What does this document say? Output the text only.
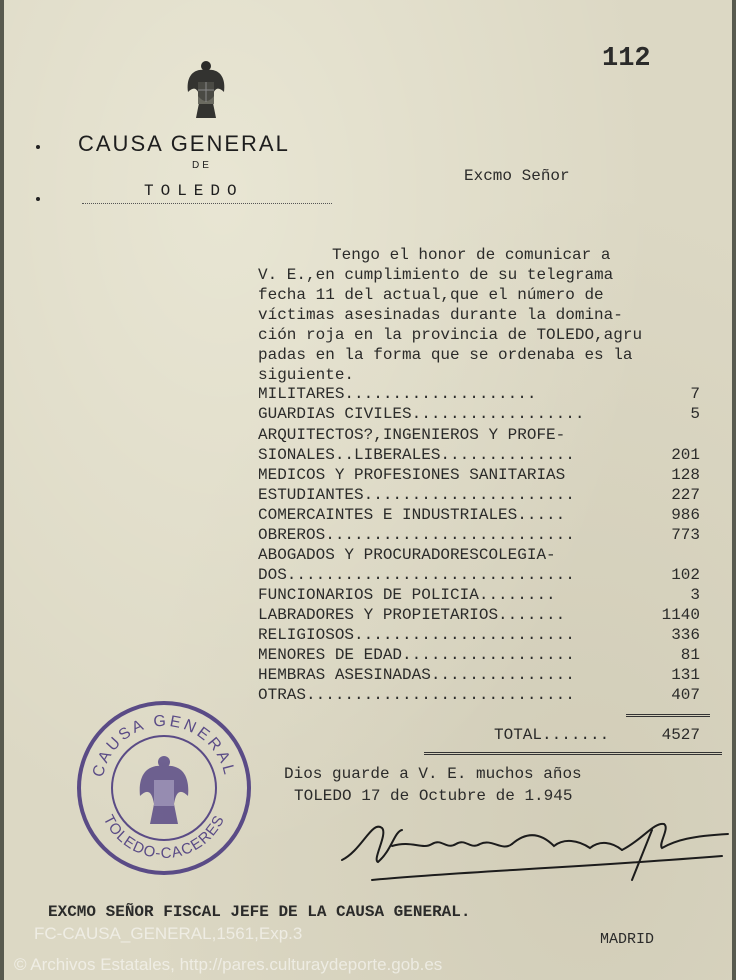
112
CAUSA GENERAL
DE
TOLEDO
Excmo Señor
Tengo el honor de comunicar a
V. E.,en cumplimiento de su telegrama
fecha 11 del actual,que el número de
víctimas asesinadas durante la domina-
ción roja en la provincia de TOLEDO,agru
padas en la forma que se ordenaba es la
siguiente.
MILITARES....................	7
GUARDIAS CIVILES..................	5
ARQUITECTOS?,INGENIEROS Y PROFE-
SIONALES..LIBERALES..............	201
MEDICOS Y PROFESIONES SANITARIAS	128
ESTUDIANTES......................	227
COMERCAINTES E INDUSTRIALES.....	986
OBREROS..........................	773
ABOGADOS Y PROCURADORESCOLEGIA-
DOS..............................	102
FUNCIONARIOS DE POLICIA........	3
LABRADORES Y PROPIETARIOS.......	1140
RELIGIOSOS.......................	336
MENORES DE EDAD..................	81
HEMBRAS ASESINADAS...............	131
OTRAS............................	407
TOTAL.......	4527
Dios guarde a V. E. muchos años
TOLEDO 17 de Octubre de 1.945
CAUSA GENERAL
TOLEDO-CACERES
EXCMO SEÑOR FISCAL JEFE DE LA CAUSA GENERAL.
MADRID
FC-CAUSA_GENERAL,1561,Exp.3
© Archivos Estatales, http://pares.culturaydeporte.gob.es
